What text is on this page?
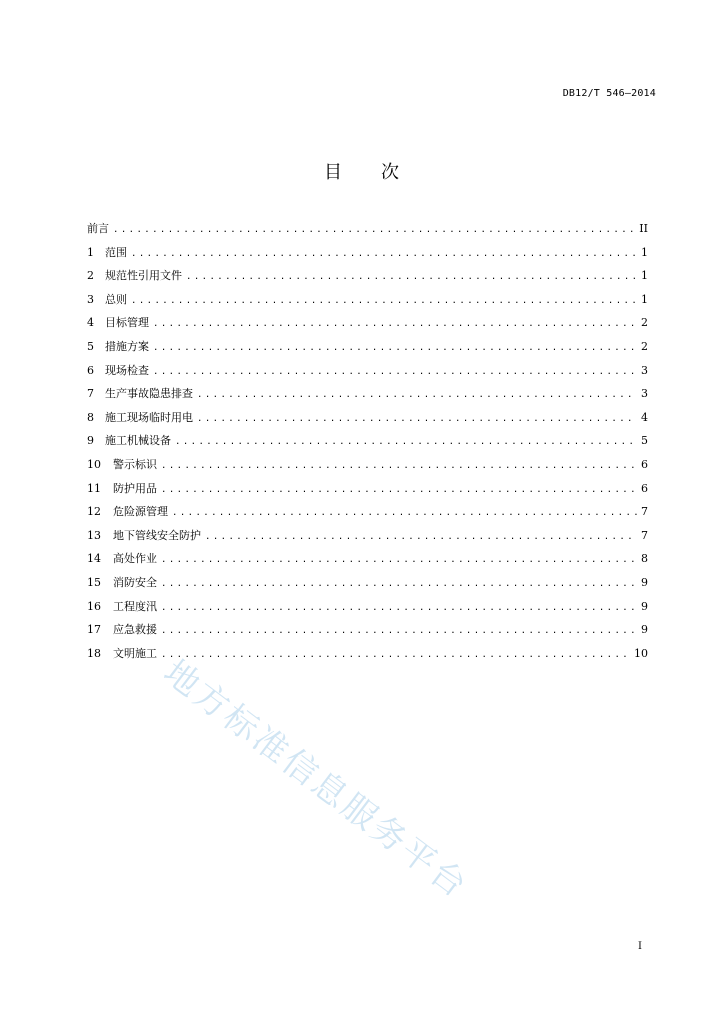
DB12/T 546—2014
目　　次
前言 .....	II
1	范围 .....	1
2	规范性引用文件 .....	1
3	总则 .....	1
4	目标管理 .....	2
5	措施方案 .....	2
6	现场检查 .....	3
7	生产事故隐患排查 .....	3
8	施工现场临时用电 .....	4
9	施工机械设备 .....	5
10	警示标识 .....	6
11	防护用品 .....	6
12	危险源管理 .....	7
13	地下管线安全防护 .....	7
14	高处作业 .....	8
15	消防安全 .....	9
16	工程度汛 .....	9
17	应急救援 .....	9
18	文明施工 .....	10
地方标准信息服务平台
I
